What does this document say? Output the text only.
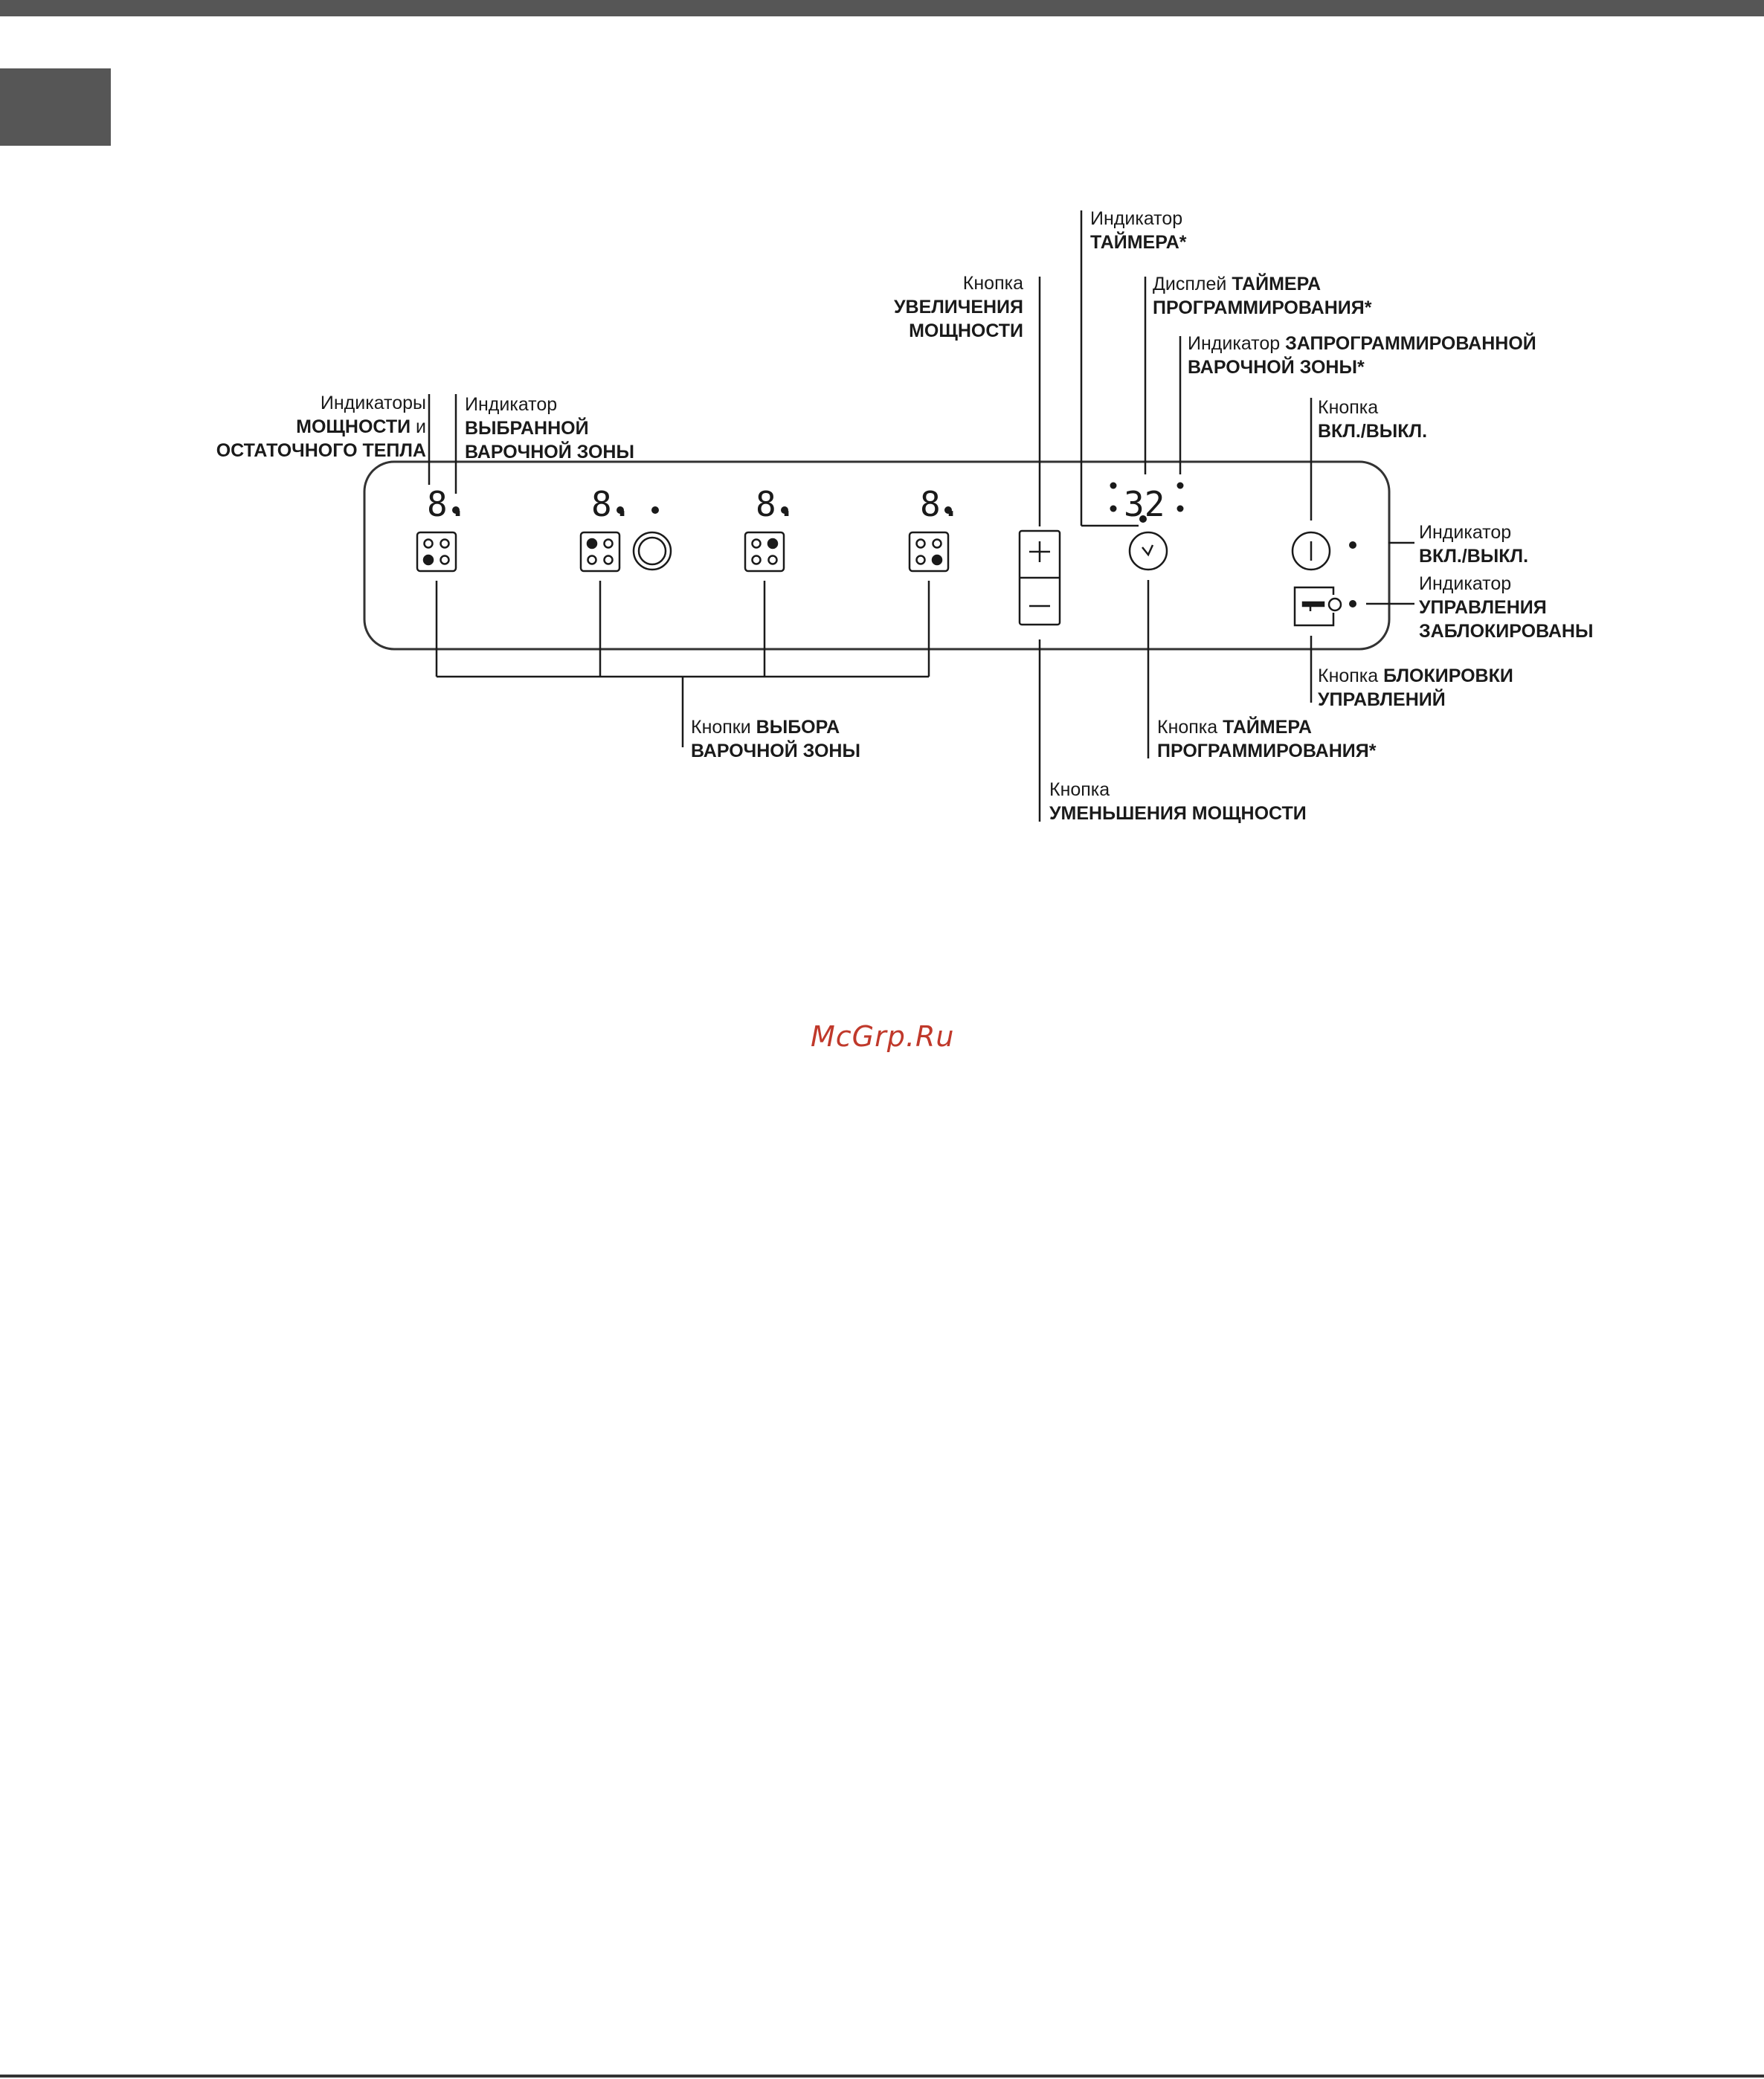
8.	8.	8.	8.	32
Индикаторы
МОЩНОСТИ и
ОСТАТОЧНОГО ТЕПЛА
Индикатор
ВЫБРАННОЙ
ВАРОЧНОЙ ЗОНЫ
Кнопка
УВЕЛИЧЕНИЯ
МОЩНОСТИ
Индикатор
ТАЙМЕРА*
Дисплей ТАЙМЕРА
ПРОГРАММИРОВАНИЯ*
Индикатор ЗАПРОГРАММИРОВАННОЙ
ВАРОЧНОЙ ЗОНЫ*
Кнопка
ВКЛ./ВЫКЛ.
Индикатор
ВКЛ./ВЫКЛ.
Индикатор
УПРАВЛЕНИЯ
ЗАБЛОКИРОВАНЫ
Кнопка БЛОКИРОВКИ
УПРАВЛЕНИЙ
Кнопка ТАЙМЕРА
ПРОГРАММИРОВАНИЯ*
Кнопки ВЫБОРА
ВАРОЧНОЙ ЗОНЫ
Кнопка
УМЕНЬШЕНИЯ МОЩНОСТИ
McGrp.Ru
